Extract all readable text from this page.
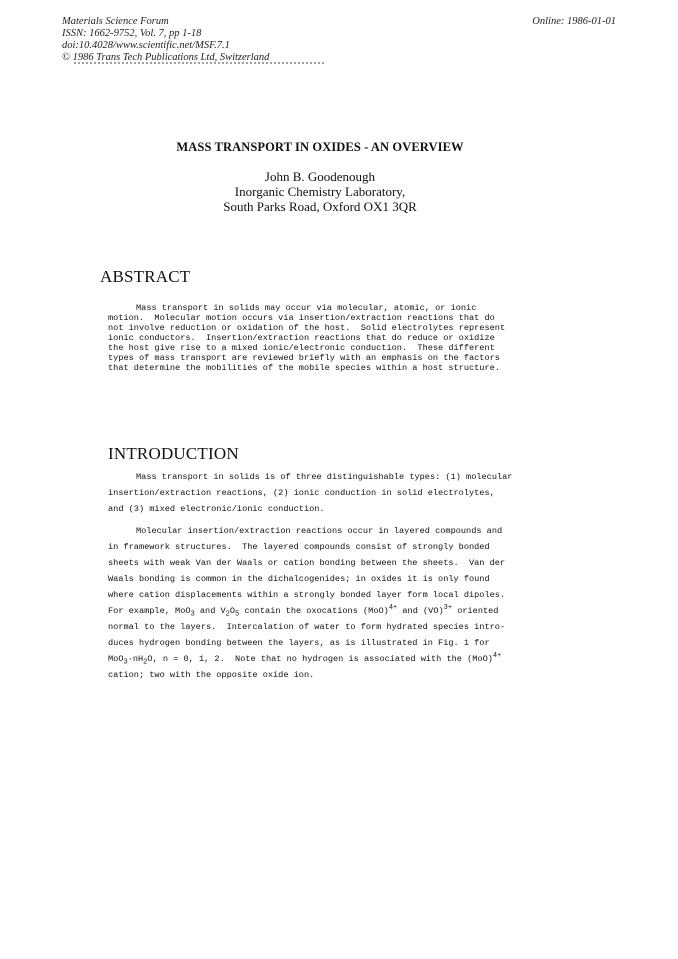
Materials Science Forum
ISSN: 1662-9752, Vol. 7, pp 1-18
doi:10.4028/www.scientific.net/MSF.7.1
© 1986 Trans Tech Publications Ltd, Switzerland
Online: 1986-01-01
MASS TRANSPORT IN OXIDES - AN OVERVIEW
John B. Goodenough
Inorganic Chemistry Laboratory,
South Parks Road, Oxford OX1 3QR
ABSTRACT
Mass transport in solids may occur via molecular, atomic, or ionic
motion.  Molecular motion occurs via insertion/extraction reactions that do
not involve reduction or oxidation of the host.  Solid electrolytes represent
ionic conductors.  Insertion/extraction reactions that do reduce or oxidize
the host give rise to a mixed ionic/electronic conduction.  These different
types of mass transport are reviewed briefly with an emphasis on the factors
that determine the mobilities of the mobile species within a host structure.
INTRODUCTION
Mass transport in solids is of three distinguishable types: (1) molecular
insertion/extraction reactions, (2) ionic conduction in solid electrolytes,
and (3) mixed electronic/ionic conduction.
Molecular insertion/extraction reactions occur in layered compounds and
in framework structures.  The layered compounds consist of strongly bonded
sheets with weak Van der Waals or cation bonding between the sheets.  Van der
Waals bonding is common in the dichalcogenides; in oxides it is only found
where cation displacements within a strongly bonded layer form local dipoles.
For example, MoO$_3$ and $V_2O_5$ contain the oxocations (MoO)$^{4+}$ and (VO)$^{3+}$ oriented
normal to the layers.  Intercalation of water to form hydrated species intro-
duces hydrogen bonding between the layers, as is illustrated in Fig. 1 for
$MoO_3\cdot nH_2O$, n = 0, 1, 2.  Note that no hydrogen is associated with the (MoO)$^{4+}$
cation; two with the opposite oxide ion.
